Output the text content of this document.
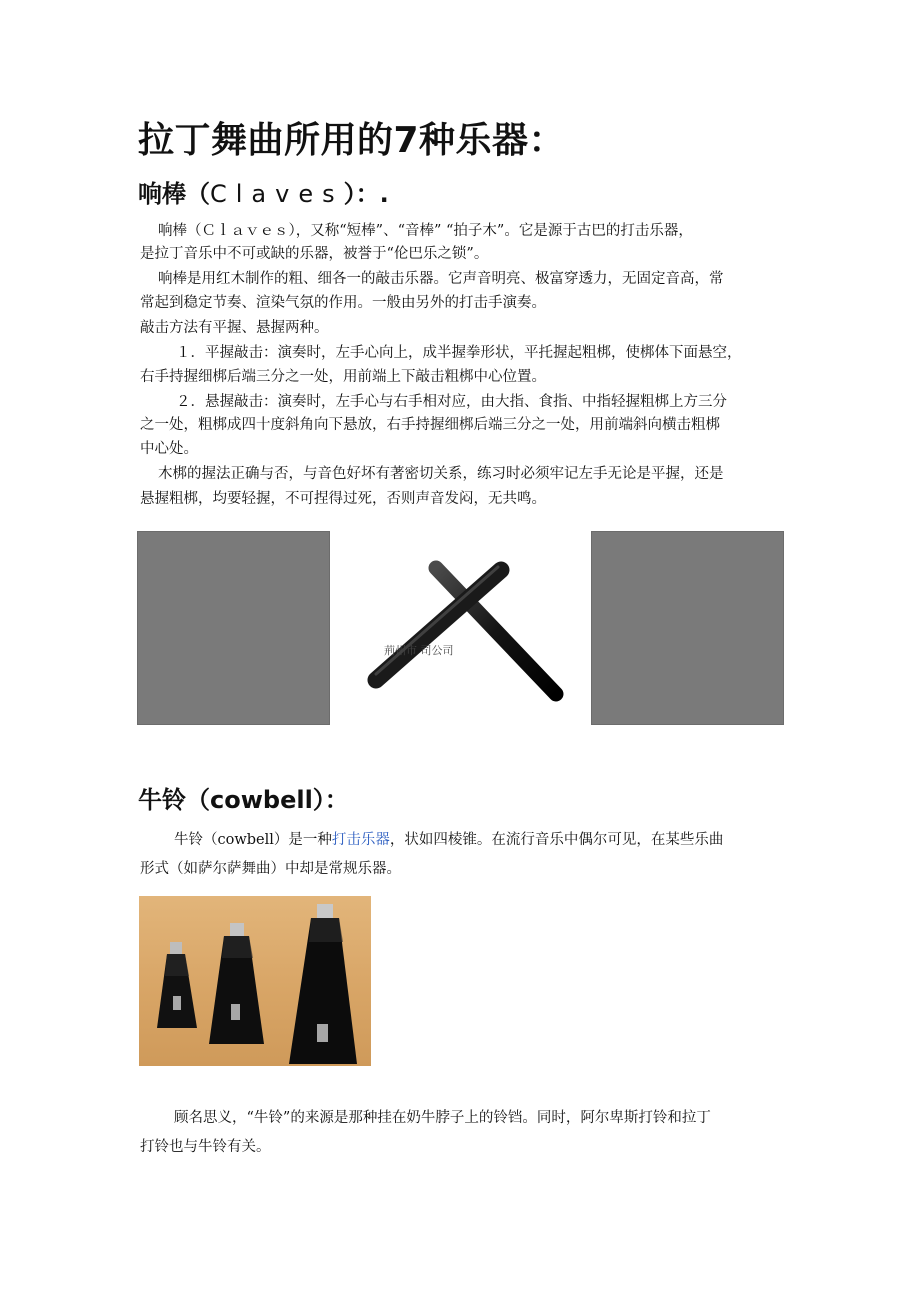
拉丁舞曲所用的7种乐器：
响棒（Claves）：.
响棒（Ｃｌａｖｅｓ），又称“短棒”、“音棒” “拍子木”。它是源于古巴的打击乐器，
是拉丁音乐中不可或缺的乐器，被誉于“伦巴乐之锁”。
响棒是用红木制作的粗、细各一的敲击乐器。它声音明亮、极富穿透力，无固定音高，常
常起到稳定节奏、渲染气氛的作用。一般由另外的打击手演奏。
敲击方法有平握、悬握两种。
１．平握敲击：演奏时，左手心向上，成半握拳形状，平托握起粗梆，使梆体下面悬空，
右手持握细梆后端三分之一处，用前端上下敲击粗梆中心位置。
２．悬握敲击：演奏时，左手心与右手相对应，由大指、食指、中指轻握粗梆上方三分
之一处，粗梆成四十度斜角向下悬放，右手持握细梆后端三分之一处，用前端斜向横击粗梆
中心处。
木梆的握法正确与否，与音色好坏有著密切关系，练习时必须牢记左手无论是平握，还是
悬握粗梆，均要轻握，不可捏得过死，否则声音发闷，无共鸣。
荊州市 司公司
牛铃（cowbell）：
牛铃（cowbell）是一种打击乐器，状如四棱锥。在流行音乐中偶尔可见，在某些乐曲
形式（如萨尔萨舞曲）中却是常规乐器。
顾名思义，“牛铃”的来源是那种挂在奶牛脖子上的铃铛。同时，阿尔卑斯打铃和拉丁
打铃也与牛铃有关。
